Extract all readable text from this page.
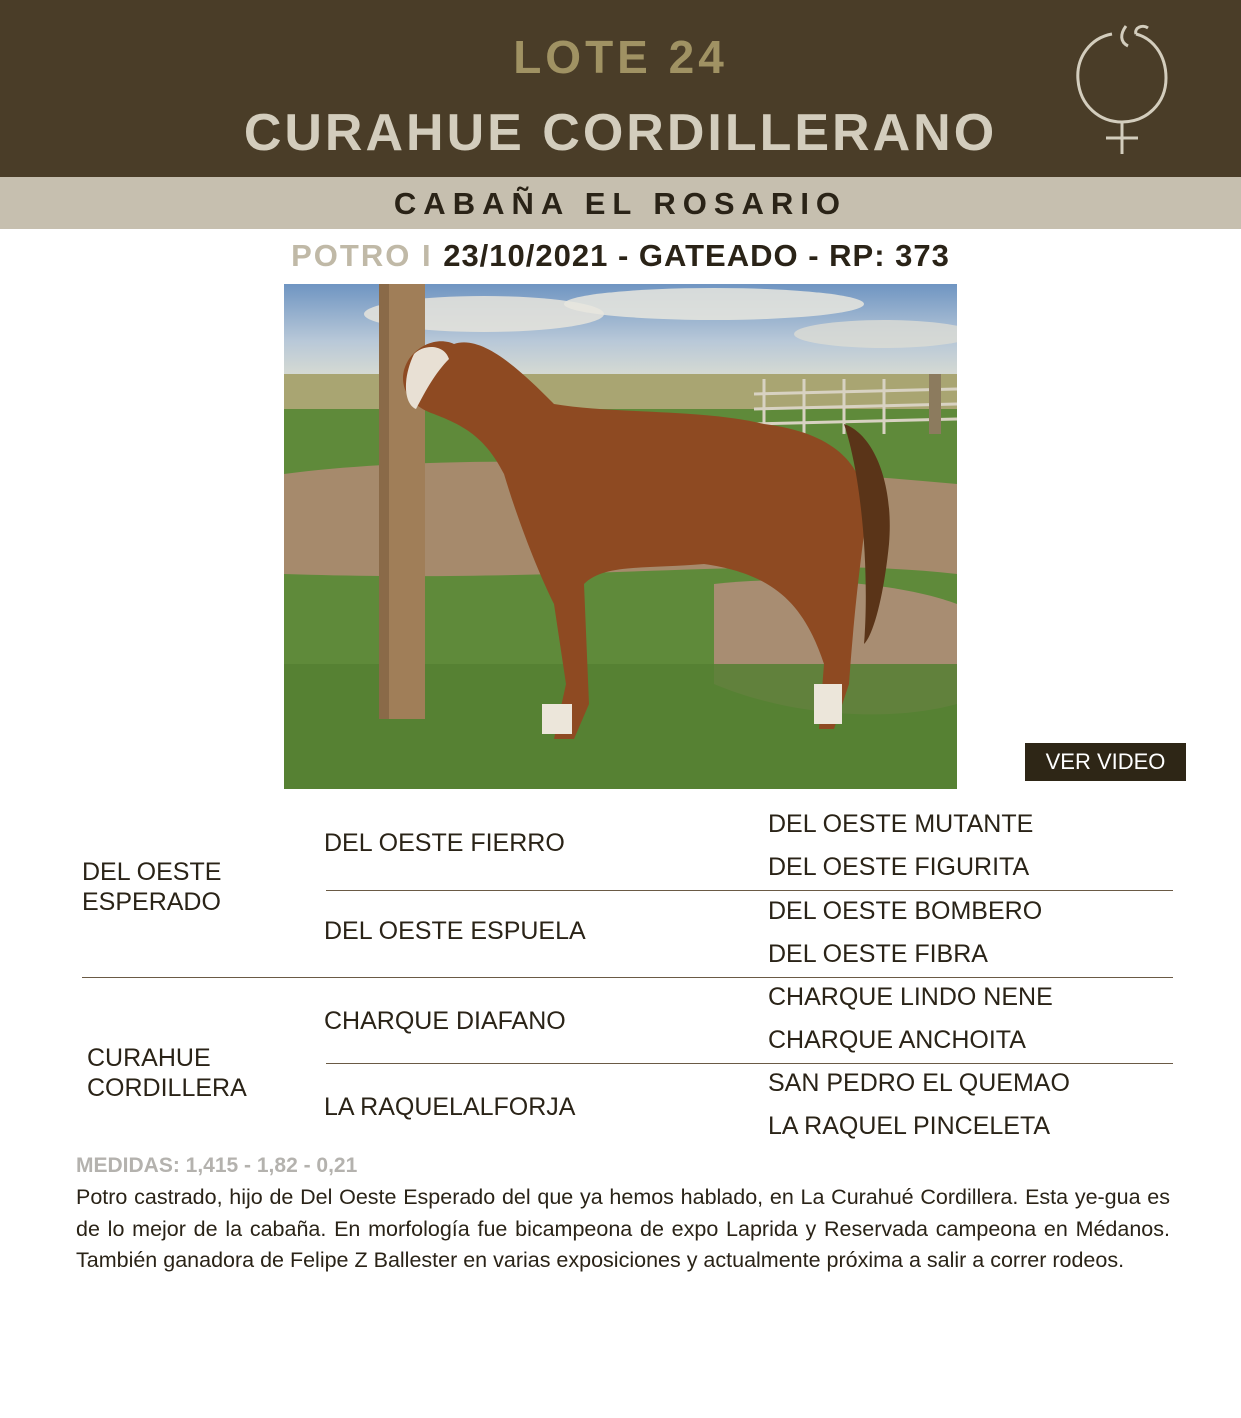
LOTE 24
CURAHUE CORDILLERANO
CABAÑA EL ROSARIO
POTRO I 23/10/2021 - GATEADO - RP: 373
VER VIDEO
DEL OESTE
ESPERADO
CURAHUE
CORDILLERA
DEL OESTE FIERRO
DEL OESTE ESPUELA
CHARQUE DIAFANO
LA RAQUELALFORJA
DEL OESTE MUTANTE
DEL OESTE FIGURITA
DEL OESTE BOMBERO
DEL OESTE FIBRA
CHARQUE LINDO NENE
CHARQUE ANCHOITA
SAN PEDRO EL QUEMAO
LA RAQUEL PINCELETA
MEDIDAS: 1,415 - 1,82 - 0,21
Potro castrado, hijo de Del Oeste Esperado del que ya hemos hablado, en La Curahué Cordillera. Esta ye-gua es de lo mejor de la cabaña. En morfología fue bicampeona de expo Laprida y Reservada campeona en Médanos. También ganadora de Felipe Z Ballester en varias exposiciones y actualmente próxima a salir a correr rodeos.
